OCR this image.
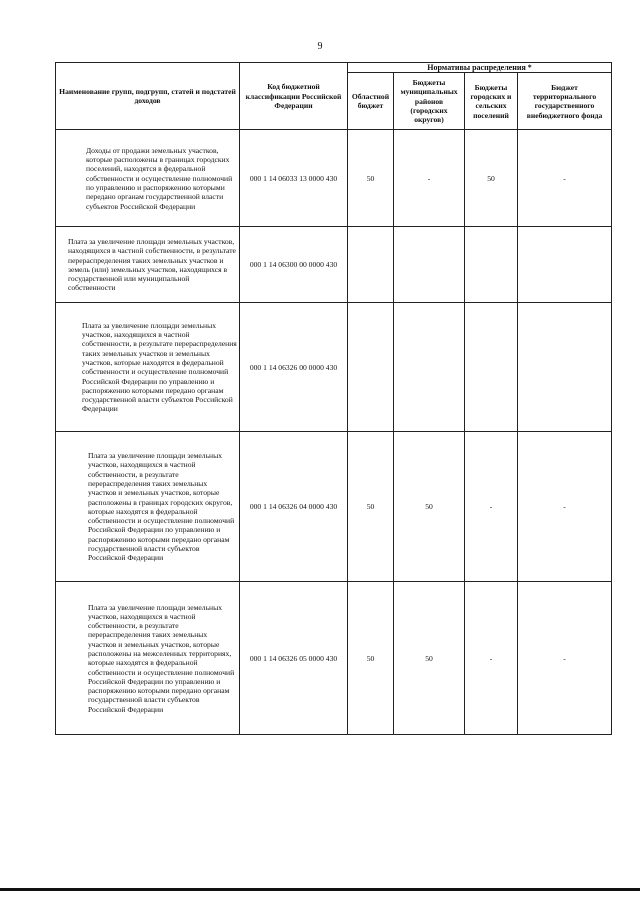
9
Наименование групп, подгрупп, статей и подстатей доходов	Код бюджетной классификации Российской Федерации	Нормативы распределения *			
		Областной бюджет	Бюджеты муниципальных районов (городских округов)	Бюджеты городских и сельских поселений	Бюджет территориального государственного внебюджетного фонда
Доходы от продажи земельных участков, которые расположены в границах городских поселений, находятся в федеральной собственности и осуществление полномочий по управлению и распоряжению которыми передано органам государственной власти субъектов Российской Федерации	000 1 14 06033 13 0000 430	50	-	50	-
Плата за увеличение площади земельных участков, находящихся в частной собственности, в результате перераспределения таких земельных участков и земель (или) земельных участков, находящихся в государственной или муниципальной собственности	000 1 14 06300 00 0000 430				
Плата за увеличение площади земельных участков, находящихся в частной собственности, в результате перераспределения таких земельных участков и земельных участков, которые находятся в федеральной собственности и осуществление полномочий Российской Федерации по управлению и распоряжению которыми передано органам государственной власти субъектов Российской Федерации	000 1 14 06326 00 0000 430				
Плата за увеличение площади земельных участков, находящихся в частной собственности, в результате перераспределения таких земельных участков и земельных участков, которые расположены в границах городских округов, которые находятся в федеральной собственности и осуществление полномочий Российской Федерации по управлению и распоряжению которыми передано органам государственной власти субъектов Российской Федерации	000 1 14 06326 04 0000 430	50	50	-	-
Плата за увеличение площади земельных участков, находящихся в частной собственности, в результате перераспределения таких земельных участков и земельных участков, которые расположены на межселенных территориях, которые находятся в федеральной собственности и осуществление полномочий Российской Федерации по управлению и распоряжению которыми передано органам государственной власти субъектов Российской Федерации	000 1 14 06326 05 0000 430	50	50	-	-
